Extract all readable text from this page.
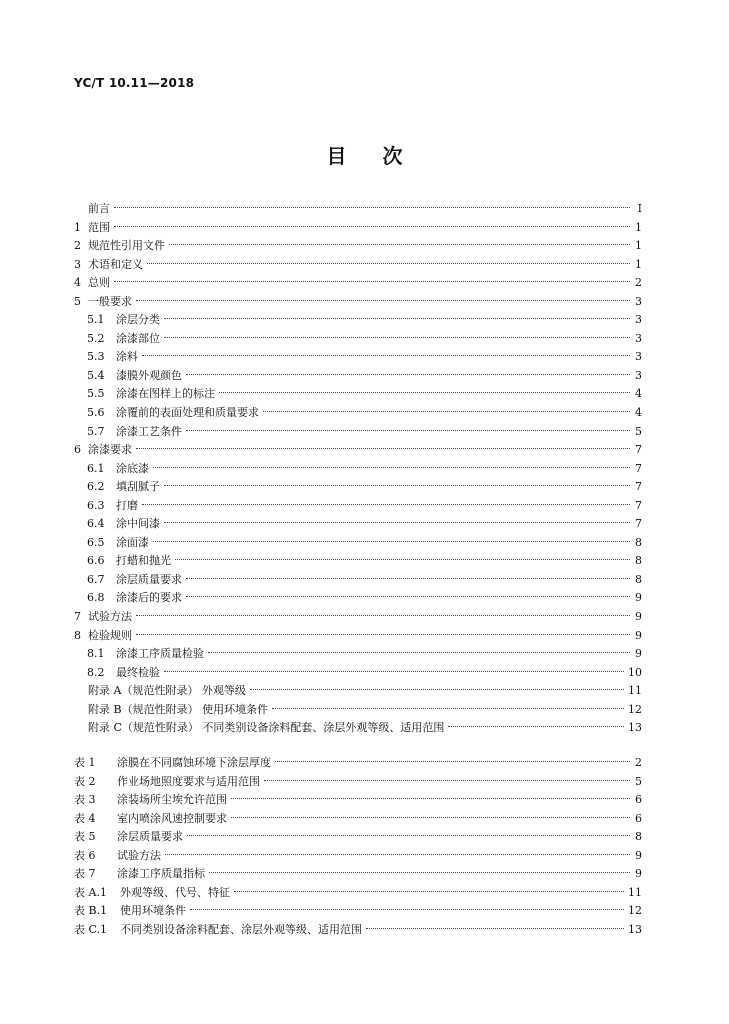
YC/T 10.11—2018
目 次
前言	Ⅰ
1 范围	1
2 规范性引用文件	1
3 术语和定义	1
4 总则	2
5 一般要求	3
5.1	涂层分类	3
5.2	涂漆部位	3
5.3	涂料	3
5.4	漆膜外观颜色	3
5.5	涂漆在图样上的标注	4
5.6	涂覆前的表面处理和质量要求	4
5.7	涂漆工艺条件	5
6 涂漆要求	7
6.1	涂底漆	7
6.2	填刮腻子	7
6.3	打磨	7
6.4	涂中间漆	7
6.5	涂面漆	8
6.6	打蜡和抛光	8
6.7	涂层质量要求	8
6.8	涂漆后的要求	9
7 试验方法	9
8 检验规则	9
8.1	涂漆工序质量检验	9
8.2	最终检验	10
附录 A（规范性附录） 外观等级	11
附录 B（规范性附录） 使用环境条件	12
附录 C（规范性附录） 不同类别设备涂料配套、涂层外观等级、适用范围	13
表 1	涂膜在不同腐蚀环境下涂层厚度	2
表 2	作业场地照度要求与适用范围	5
表 3	涂装场所尘埃允许范围	6
表 4	室内喷涂风速控制要求	6
表 5	涂层质量要求	8
表 6	试验方法	9
表 7	涂漆工序质量指标	9
表 A.1	外观等级、代号、特征	11
表 B.1	使用环境条件	12
表 C.1	不同类别设备涂料配套、涂层外观等级、适用范围	13
